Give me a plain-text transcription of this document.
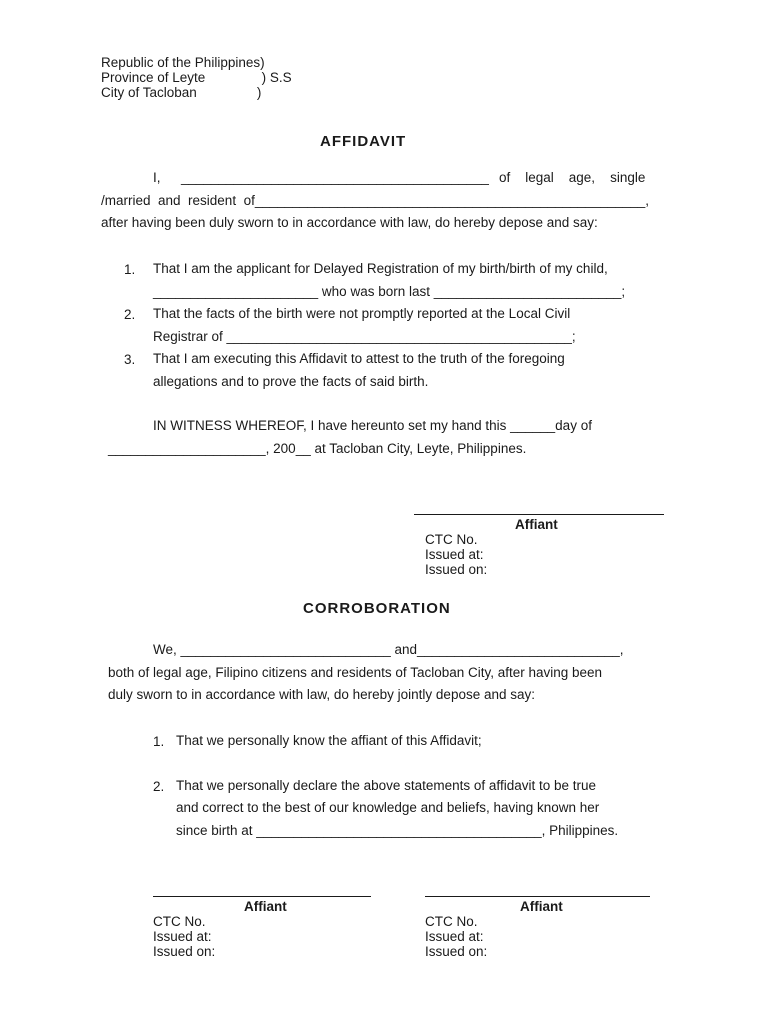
Republic of the Philippines)
Province of Leyte               ) S.S
City of Tacloban                )
AFFIDAVIT
I, _________________________________________ of    legal    age,    single
/married  and  resident  of____________________________________________________,
after having been duly sworn to in accordance with law, do hereby depose and say:
1. That I am the applicant for Delayed Registration of my birth/birth of my child,
______________________ who was born last _________________________;
2. That the facts of the birth were not promptly reported at the Local Civil
Registrar of ______________________________________________;
3. That I am executing this Affidavit to attest to the truth of the foregoing
allegations and to prove the facts of said birth.
IN WITNESS WHEREOF, I have hereunto set my hand this ______day of
_____________________, 200__ at Tacloban City, Leyte, Philippines.
Affiant
CTC No.
Issued at:
Issued on:
CORROBORATION
We, ____________________________ and___________________________,
both of legal age, Filipino citizens and residents of Tacloban City, after having been
duly sworn to in accordance with law, do hereby jointly depose and say:
1. That we personally know the affiant of this Affidavit;
2. That we personally declare the above statements of affidavit to be true
and correct to the best of our knowledge and beliefs, having known her
since birth at ______________________________________, Philippines.
Affiant
CTC No.
Issued at:
Issued on:
Affiant
CTC No.
Issued at:
Issued on:
